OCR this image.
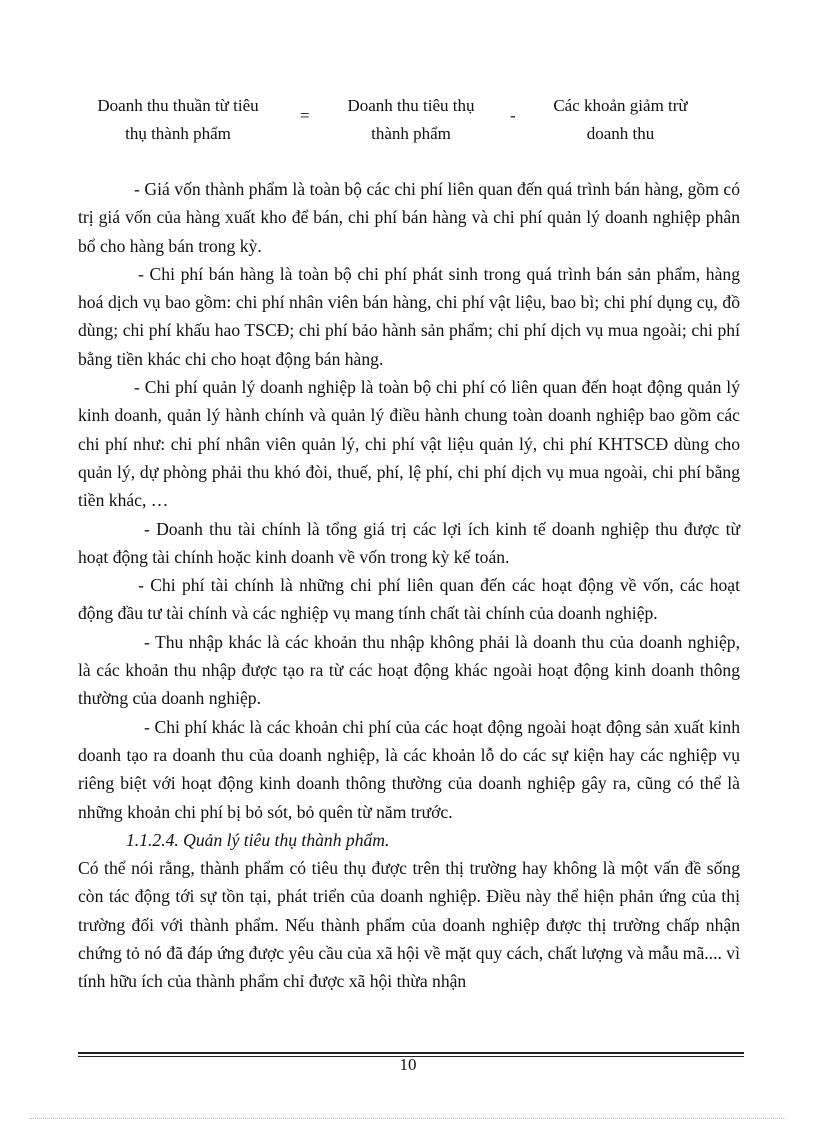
Doanh thu thuần từ tiêu
thụ thành phẩm
=
Doanh thu tiêu thụ
thành phẩm
-
Các khoản giảm trừ
doanh thu

- Giá vốn thành phẩm là toàn bộ các chi phí liên quan đến quá trình bán hàng, gồm có trị giá vốn của hàng xuất kho để bán, chi phí bán hàng và chi phí quản lý doanh nghiệp phân bổ cho hàng bán trong kỳ.

- Chi phí bán hàng là toàn bộ chi phí phát sinh trong quá trình bán sản phẩm, hàng hoá dịch vụ bao gồm: chi phí nhân viên bán hàng, chi phí vật liệu, bao bì; chi phí dụng cụ, đồ dùng; chi phí khấu hao TSCĐ; chi phí bảo hành sản phẩm; chi phí dịch vụ mua ngoài; chi phí bằng tiền khác chi cho hoạt động bán hàng.

- Chi phí quản lý doanh nghiệp là toàn bộ chi phí có liên quan đến hoạt động quản lý kinh doanh, quản lý hành chính và quản lý điều hành chung toàn doanh nghiệp bao gồm các chi phí như: chi phí nhân viên quản lý, chi phí vật liệu quản lý, chi phí KHTSCĐ dùng cho quản lý, dự phòng phải thu khó đòi, thuế, phí, lệ phí, chi phí dịch vụ mua ngoài, chi phí bằng tiền khác, …

- Doanh thu tài chính là tổng giá trị các lợi ích kinh tế doanh nghiệp thu được từ hoạt động tài chính hoặc kinh doanh về vốn trong kỳ kế toán.

- Chi phí tài chính là những chi phí liên quan đến các hoạt động về vốn, các hoạt động đầu tư tài chính và các nghiệp vụ mang tính chất tài chính của doanh nghiệp.

- Thu nhập khác là các khoản thu nhập không phải là doanh thu của doanh nghiệp, là các khoản thu nhập được tạo ra từ các hoạt động khác ngoài hoạt động kinh doanh thông thường của doanh nghiệp.

- Chi phí khác là các khoản chi phí của các hoạt động ngoài hoạt động sản xuất kinh doanh tạo ra doanh thu của doanh nghiệp, là các khoản lỗ do các sự kiện hay các nghiệp vụ riêng biệt với hoạt động kinh doanh thông thường của doanh nghiệp gây ra, cũng có thể là những khoản chi phí bị bỏ sót, bỏ quên từ năm trước.

1.1.2.4. Quản lý tiêu thụ thành phẩm.

Có thể nói rằng, thành phẩm có tiêu thụ được trên thị trường hay không là một vấn đề sống còn tác động tới sự tồn tại, phát triển của doanh nghiệp. Điều này thể hiện phản ứng của thị trường đối với thành phẩm. Nếu thành phẩm của doanh nghiệp được thị trường chấp nhận chứng tỏ nó đã đáp ứng được yêu cầu của xã hội về mặt quy cách, chất lượng và mẫu mã.... vì tính hữu ích của thành phẩm chỉ được xã hội thừa nhận

10
